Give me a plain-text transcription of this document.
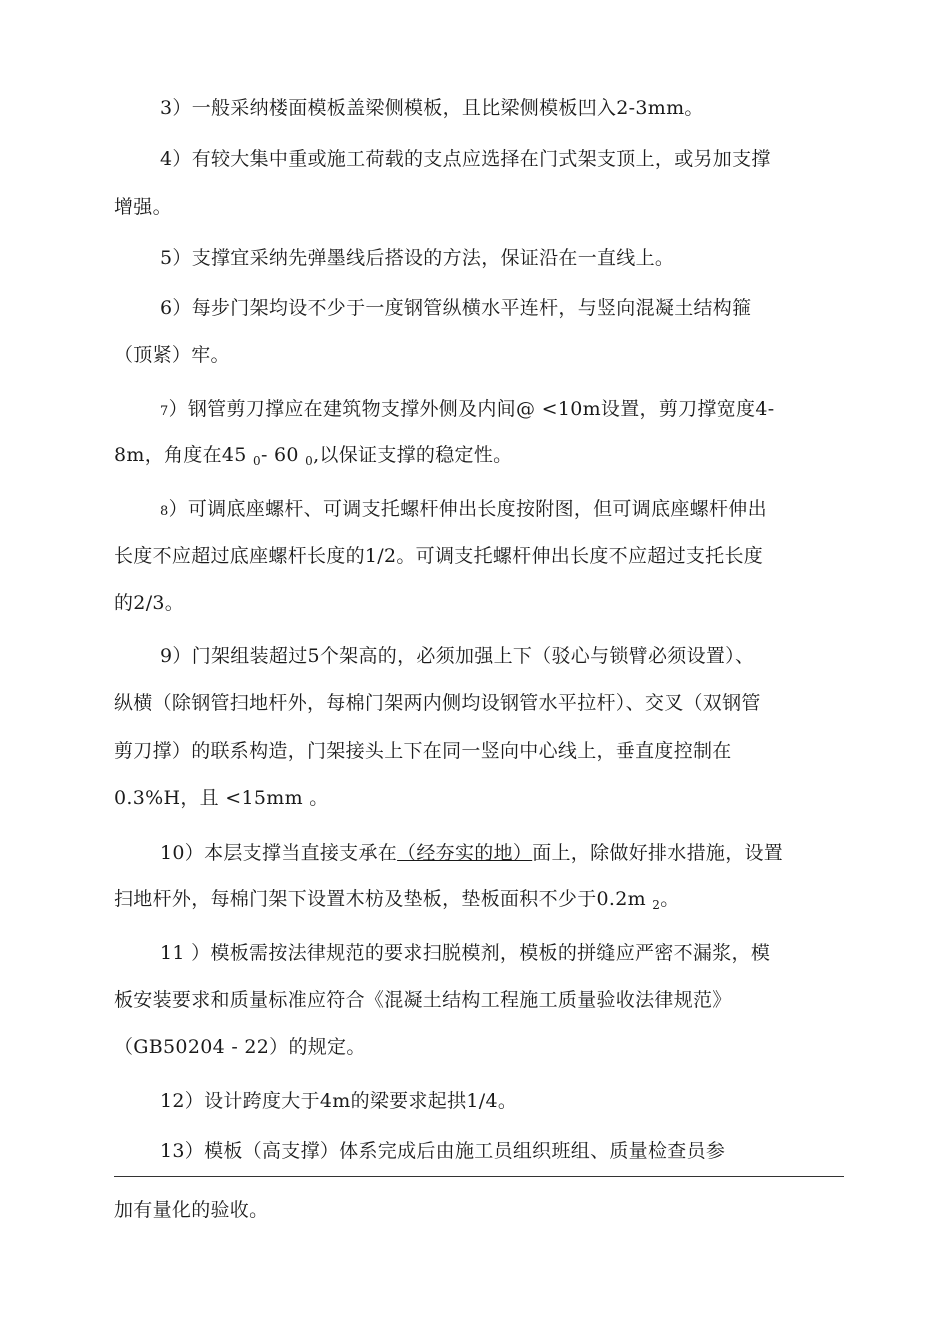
3）一般采纳楼面模板盖梁侧模板，且比梁侧模板凹入2-3mm。
4）有较大集中重或施工荷载的支点应选择在门式架支顶上，或另加支撑
增强。
5）支撑宜采纳先弹墨线后搭设的方法，保证沿在一直线上。
6）每步门架均设不少于一度钢管纵横水平连杆，与竖向混凝土结构箍
（顶紧）牢。
7）钢管剪刀撑应在建筑物支撑外侧及内间@ <10m设置，剪刀撑宽度4-
8m，角度在45 $_0$- 60 $_0$,以保证支撑的稳定性。
8）可调底座螺杆、可调支托螺杆伸出长度按附图，但可调底座螺杆伸出
长度不应超过底座螺杆长度的1/2。可调支托螺杆伸出长度不应超过支托长度
的2/3。
9）门架组装超过5个架高的，必须加强上下（驳心与锁臂必须设置）、
纵横（除钢管扫地杆外，每棉门架两内侧均设钢管水平拉杆）、交叉（双钢管
剪刀撑）的联系构造，门架接头上下在同一竖向中心线上，垂直度控制在
0.3%H，且 <15mm 。
10）本层支撑当直接支承在（经夯实的地）面上，除做好排水措施，设置
扫地杆外，每棉门架下设置木枋及垫板，垫板面积不少于0.2m $_2$。
11 ）模板需按法律规范的要求扫脱模剂，模板的拼缝应严密不漏浆，模
板安装要求和质量标准应符合《混凝土结构工程施工质量验收法律规范》
（GB50204 - 22）的规定。
12）设计跨度大于4m的梁要求起拱1/4。
13）模板（高支撑）体系完成后由施工员组织班组、质量检查员参
加有量化的验收。
